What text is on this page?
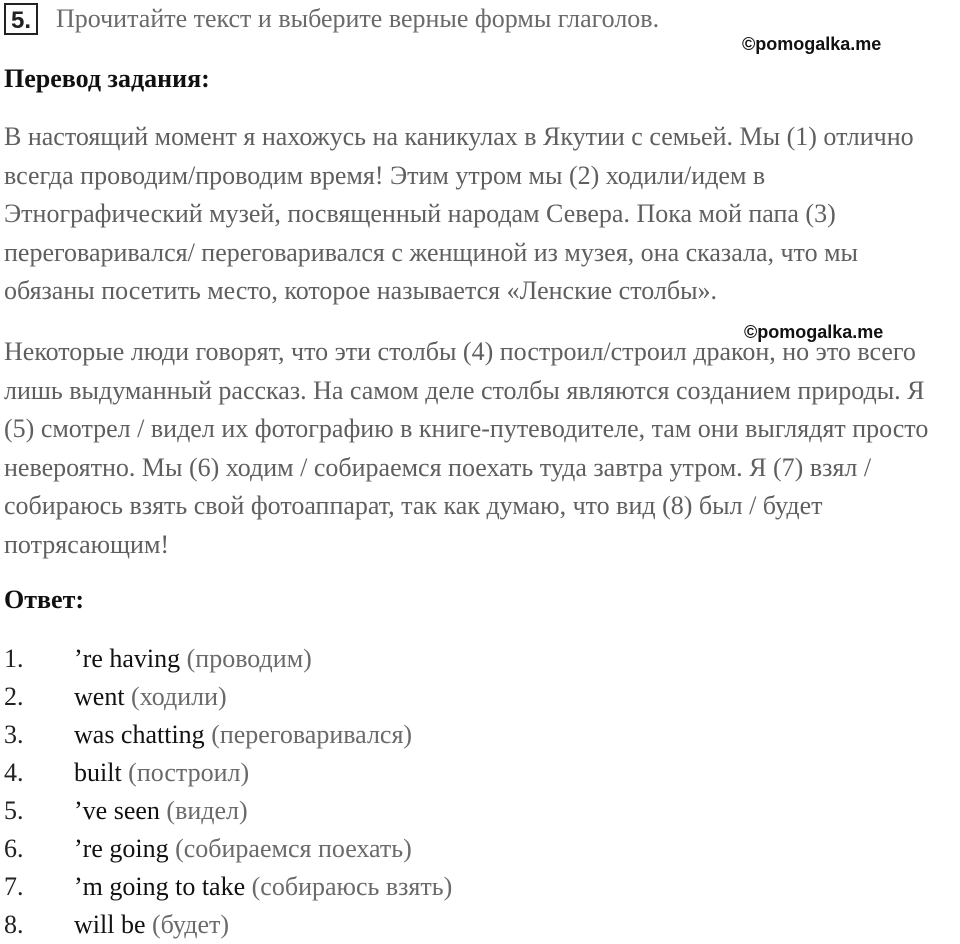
5. Прочитайте текст и выберите верные формы глаголов.
©pomogalka.me
Перевод задания:
В настоящий момент я нахожусь на каникулах в Якутии с семьей. Мы (1) отлично всегда проводим/проводим время! Этим утром мы (2) ходили/идем в Этнографический музей, посвященный народам Севера. Пока мой папа (3) переговаривался/ переговаривался с женщиной из музея, она сказала, что мы обязаны посетить место, которое называется «Ленские столбы».
©pomogalka.me
Некоторые люди говорят, что эти столбы (4) построил/строил дракон, но это всего лишь выдуманный рассказ. На самом деле столбы являются созданием природы. Я (5) смотрел / видел их фотографию в книге-путеводителе, там они выглядят просто невероятно. Мы (6) ходим / собираемся поехать туда завтра утром. Я (7) взял / собираюсь взять свой фотоаппарат, так как думаю, что вид (8) был / будет потрясающим!
Ответ:
1. ’re having (проводим)
2. went (ходили)
3. was chatting (переговаривался)
4. built (построил)
5. ’ve seen (видел)
6. ’re going (собираемся поехать)
7. ’m going to take (собираюсь взять)
8. will be (будет)
